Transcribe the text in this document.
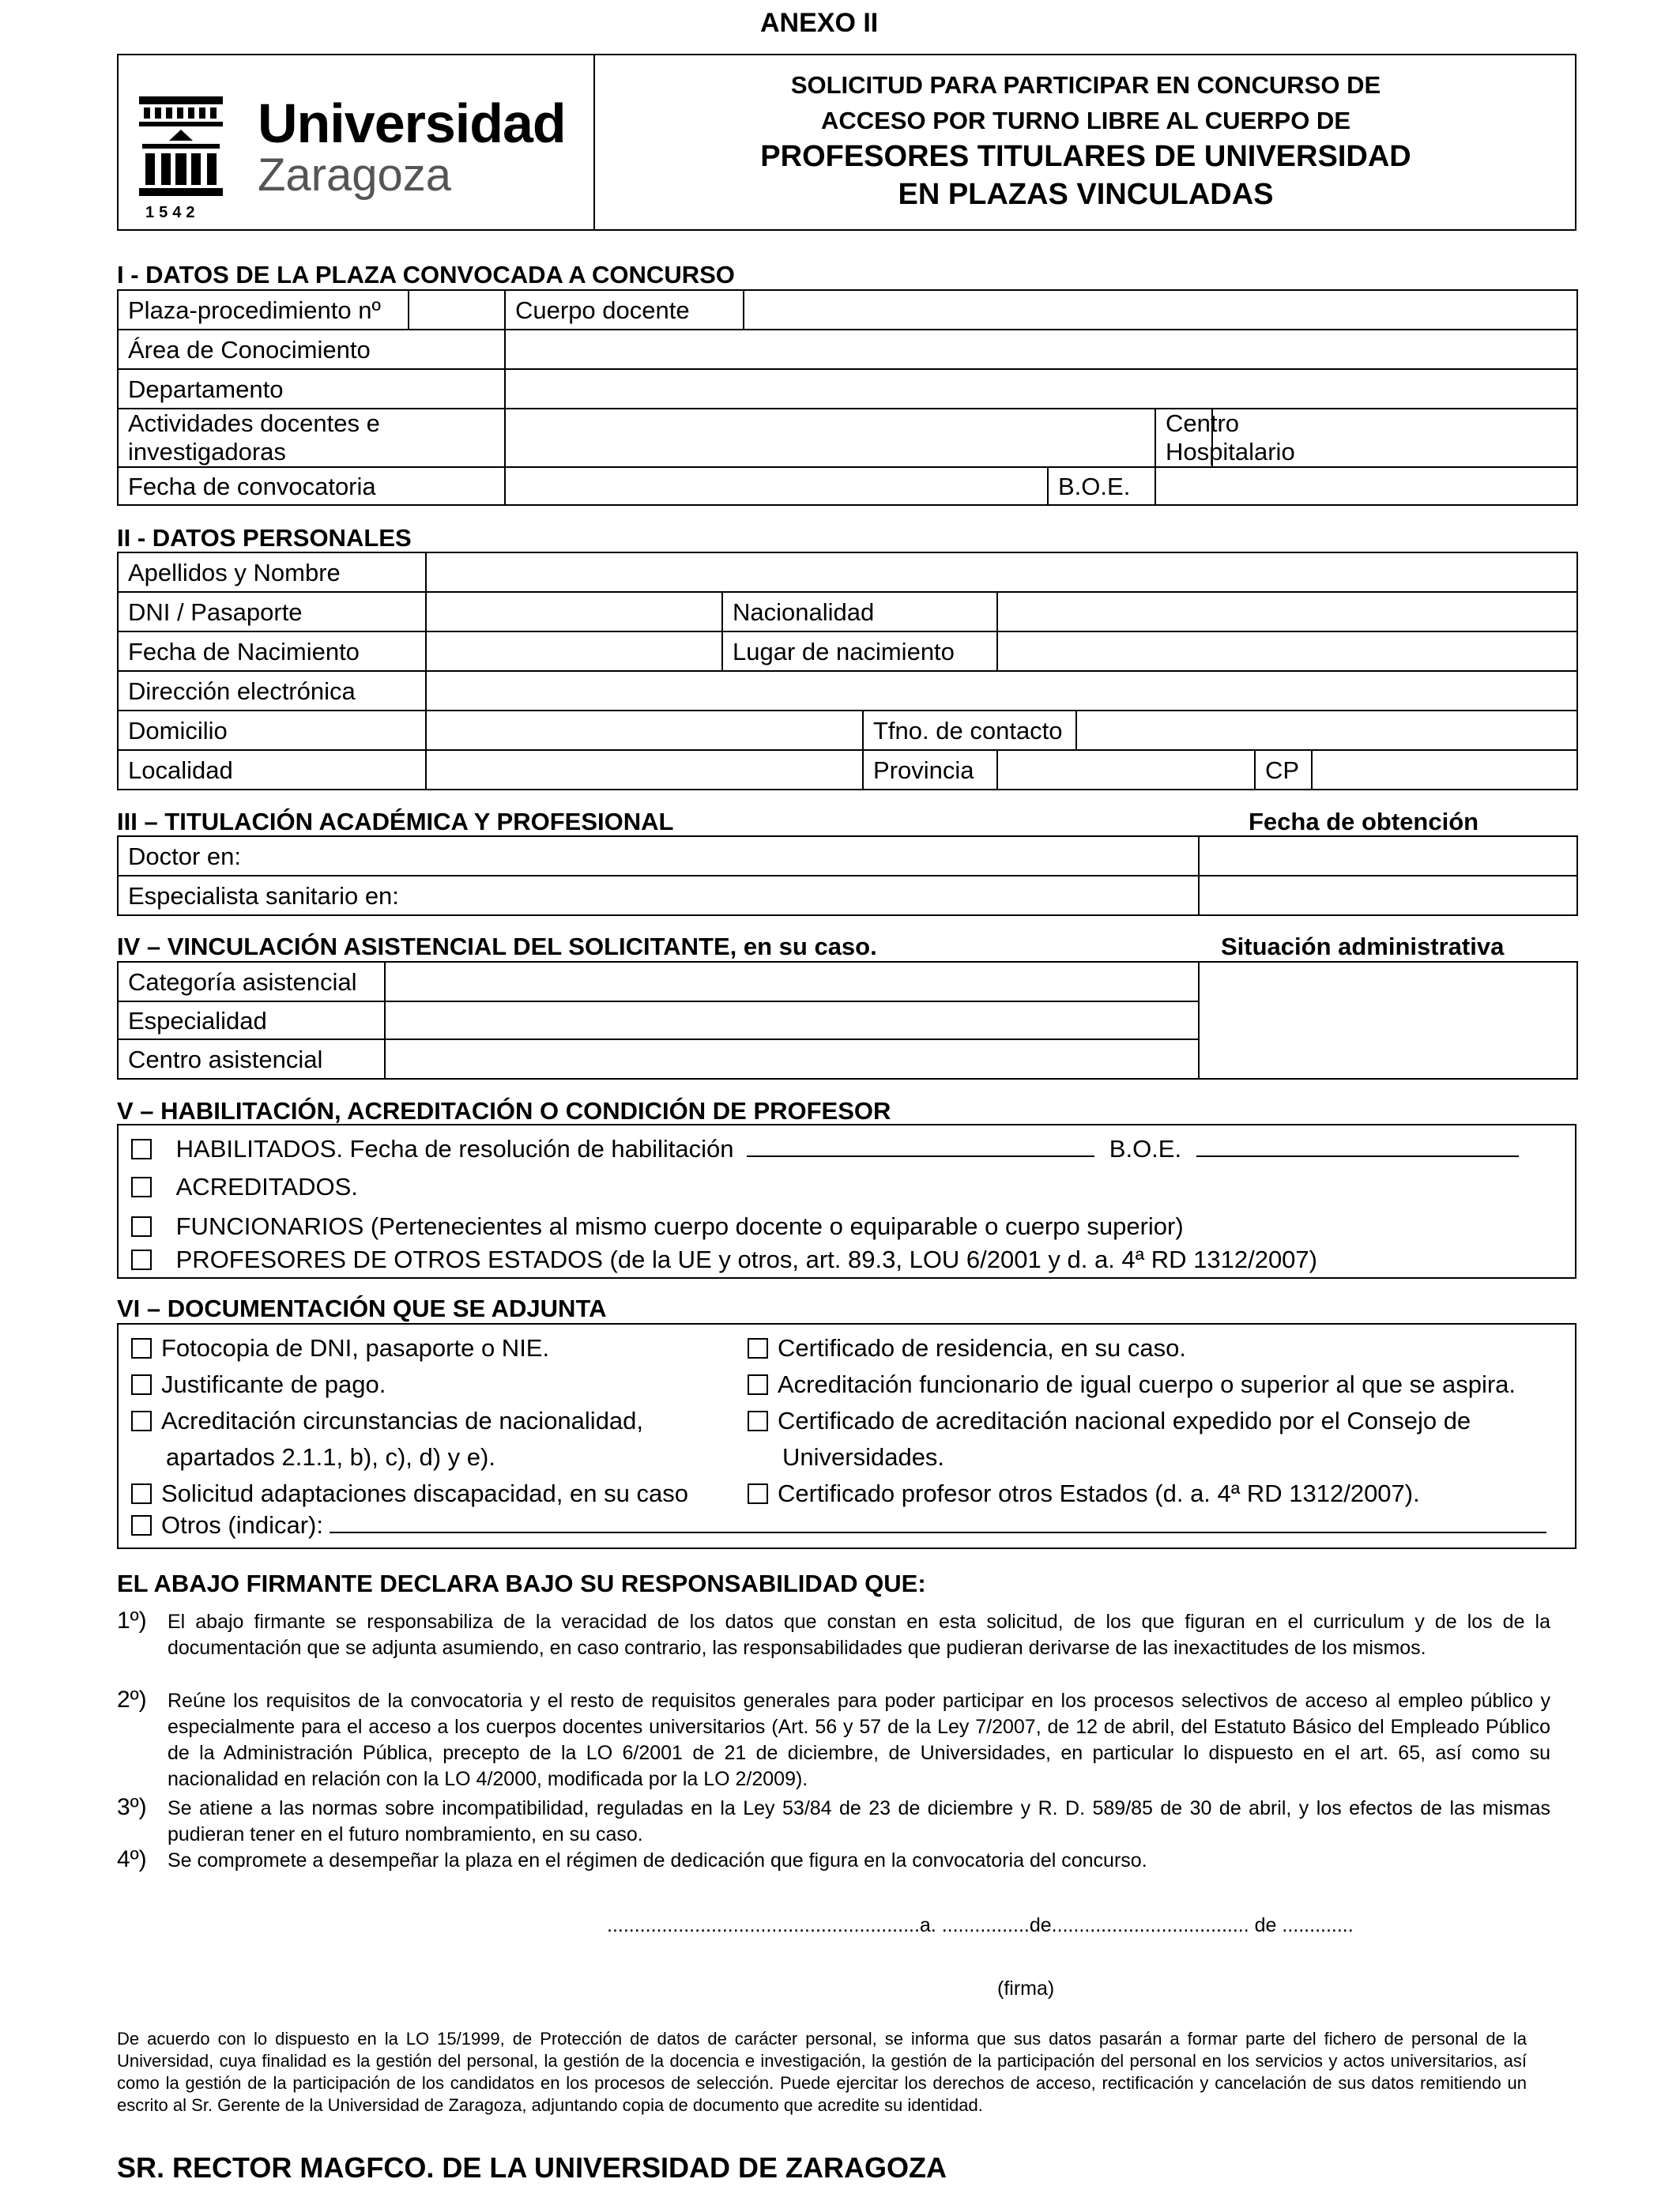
ANEXO II
1542
Universidad
Zaragoza
SOLICITUD PARA PARTICIPAR EN CONCURSO DE
ACCESO POR TURNO LIBRE AL CUERPO DE
PROFESORES TITULARES DE UNIVERSIDAD
EN PLAZAS VINCULADAS
I - DATOS DE LA PLAZA CONVOCADA A CONCURSO
Plaza-procedimiento nº		Cuerpo docente				
Área de Conocimiento						
Departamento						
Actividades docentes e investigadoras					Centro Hospitalario	
Fecha de convocatoria				B.O.E.		
II - DATOS PERSONALES
Apellidos y Nombre							
DNI / Pasaporte		Nacionalidad					
Fecha de Nacimiento		Lugar de nacimiento					
Dirección electrónica							
Domicilio			Tfno. de contacto				
Localidad			Provincia			CP	
III – TITULACIÓN ACADÉMICA Y PROFESIONAL	Fecha de obtención
Doctor en:	
Especialista sanitario en:	
IV – VINCULACIÓN ASISTENCIAL DEL SOLICITANTE, en su caso.	Situación administrativa
Categoría asistencial		
Especialidad		
Centro asistencial		
V – HABILITACIÓN, ACREDITACIÓN O CONDICIÓN DE PROFESOR
HABILITADOS. Fecha de resolución de habilitación	B.O.E.
ACREDITADOS.
FUNCIONARIOS (Pertenecientes al mismo cuerpo docente o equiparable o cuerpo superior)
PROFESORES DE OTROS ESTADOS (de la UE y otros, art. 89.3, LOU 6/2001 y d. a. 4ª RD 1312/2007)
VI – DOCUMENTACIÓN QUE SE ADJUNTA
Fotocopia de DNI, pasaporte o NIE.
Justificante de pago.
Acreditación circunstancias de nacionalidad,
apartados 2.1.1, b), c), d) y e).
Solicitud adaptaciones discapacidad, en su caso
Otros (indicar):
Certificado de residencia, en su caso.
Acreditación funcionario de igual cuerpo o superior al que se aspira.
Certificado de acreditación nacional expedido por el Consejo de
Universidades.
Certificado profesor otros Estados (d. a. 4ª RD 1312/2007).
EL ABAJO FIRMANTE DECLARA BAJO SU RESPONSABILIDAD QUE:
1º) El abajo firmante se responsabiliza de la veracidad de los datos que constan en esta solicitud, de los que figuran en el curriculum y de los de la documentación que se adjunta asumiendo, en caso contrario, las responsabilidades que pudieran derivarse de las inexactitudes de los mismos.
2º) Reúne los requisitos de la convocatoria y el resto de requisitos generales para poder participar en los procesos selectivos de acceso al empleo público y especialmente para el acceso a los cuerpos docentes universitarios (Art. 56 y 57 de la Ley 7/2007, de 12 de abril, del Estatuto Básico del Empleado Público de la Administración Pública, precepto de la LO 6/2001 de 21 de diciembre, de Universidades, en particular lo dispuesto en el art. 65, así como su nacionalidad en relación con la LO 4/2000, modificada por la LO 2/2009).
3º) Se atiene a las normas sobre incompatibilidad, reguladas en la Ley 53/84 de 23 de diciembre y R. D. 589/85 de 30 de abril, y los efectos de las mismas pudieran tener en el futuro nombramiento, en su caso.
4º) Se compromete a desempeñar la plaza en el régimen de dedicación que figura en la convocatoria del concurso.
.........................................................a. ................de.................................... de .............
(firma)
De acuerdo con lo dispuesto en la LO 15/1999, de Protección de datos de carácter personal, se informa que sus datos pasarán a formar parte del fichero de personal de la Universidad, cuya finalidad es la gestión del personal, la gestión de la docencia e investigación, la gestión de la participación del personal en los servicios y actos universitarios, así como la gestión de la participación de los candidatos en los procesos de selección. Puede ejercitar los derechos de acceso, rectificación y cancelación de sus datos remitiendo un escrito al Sr. Gerente de la Universidad de Zaragoza, adjuntando copia de documento que acredite su identidad.
SR. RECTOR MAGFCO. DE LA UNIVERSIDAD DE ZARAGOZA
